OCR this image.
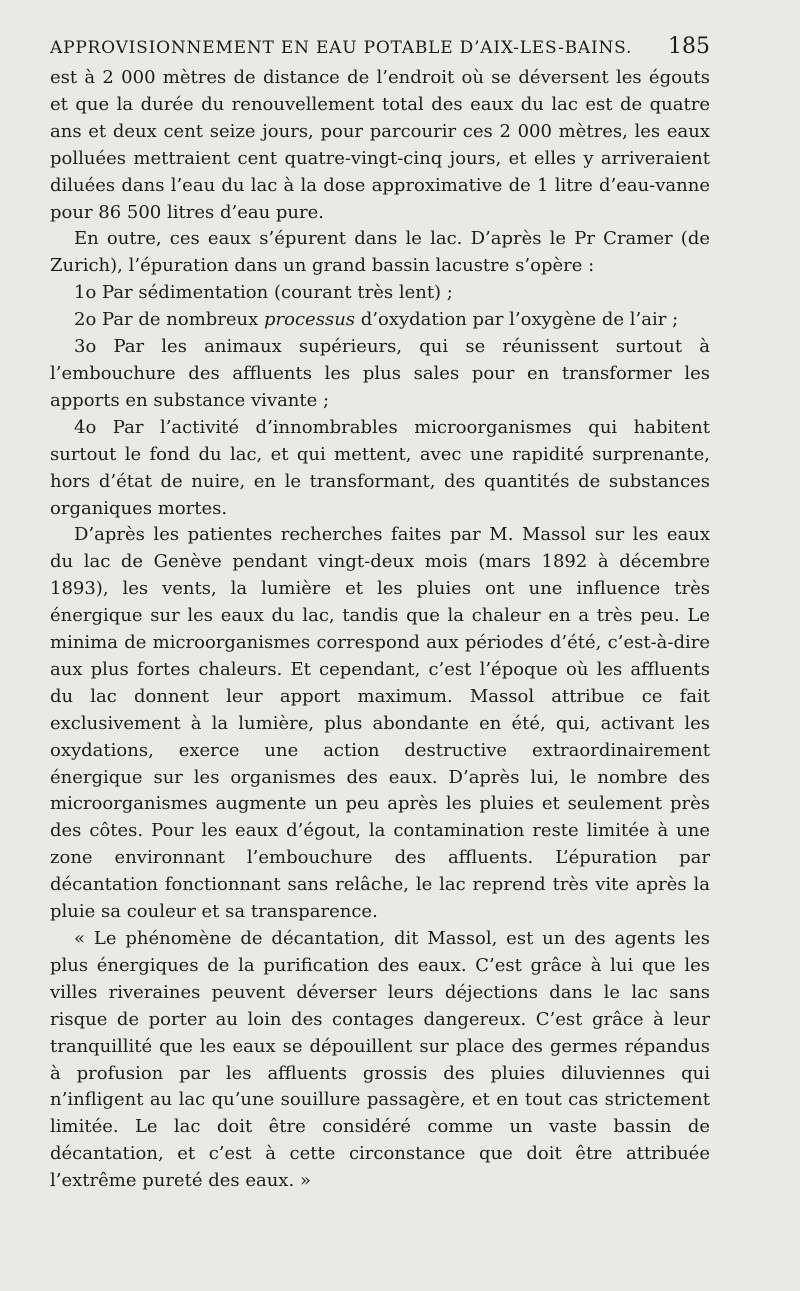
APPROVISIONNEMENT EN EAU POTABLE D’AIX-LES-BAINS. 185

est à 2 000 mètres de distance de l’endroit où se déversent les égouts et que la durée du renouvellement total des eaux du lac est de quatre ans et deux cent seize jours, pour parcourir ces 2 000 mètres, les eaux polluées mettraient cent quatre-vingt-cinq jours, et elles y arriveraient diluées dans l’eau du lac à la dose approximative de 1 litre d’eau-vanne pour 86 500 litres d’eau pure.

En outre, ces eaux s’épurent dans le lac. D’après le Pr Cramer (de Zurich), l’épuration dans un grand bassin lacustre s’opère :

1o Par sédimentation (courant très lent) ;

2o Par de nombreux processus d’oxydation par l’oxygène de l’air ;

3o Par les animaux supérieurs, qui se réunissent surtout à l’embouchure des affluents les plus sales pour en transformer les apports en substance vivante ;

4o Par l’activité d’innombrables microorganismes qui habitent surtout le fond du lac, et qui mettent, avec une rapidité surprenante, hors d’état de nuire, en le transformant, des quantités de substances organiques mortes.

D’après les patientes recherches faites par M. Massol sur les eaux du lac de Genève pendant vingt-deux mois (mars 1892 à décembre 1893), les vents, la lumière et les pluies ont une influence très énergique sur les eaux du lac, tandis que la chaleur en a très peu. Le minima de microorganismes correspond aux périodes d’été, c’est-à-dire aux plus fortes chaleurs. Et cependant, c’est l’époque où les affluents du lac donnent leur apport maximum. Massol attribue ce fait exclusivement à la lumière, plus abondante en été, qui, activant les oxydations, exerce une action destructive extraordinairement énergique sur les organismes des eaux. D’après lui, le nombre des microorganismes augmente un peu après les pluies et seulement près des côtes. Pour les eaux d’égout, la contamination reste limitée à une zone environnant l’embouchure des affluents. L’épuration par décantation fonctionnant sans relâche, le lac reprend très vite après la pluie sa couleur et sa transparence.

« Le phénomène de décantation, dit Massol, est un des agents les plus énergiques de la purification des eaux. C’est grâce à lui que les villes riveraines peuvent déverser leurs déjections dans le lac sans risque de porter au loin des contages dangereux. C’est grâce à leur tranquillité que les eaux se dépouillent sur place des germes répandus à profusion par les affluents grossis des pluies diluviennes qui n’infligent au lac qu’une souillure passagère, et en tout cas strictement limitée. Le lac doit être considéré comme un vaste bassin de décantation, et c’est à cette circonstance que doit être attribuée l’extrême pureté des eaux. »
